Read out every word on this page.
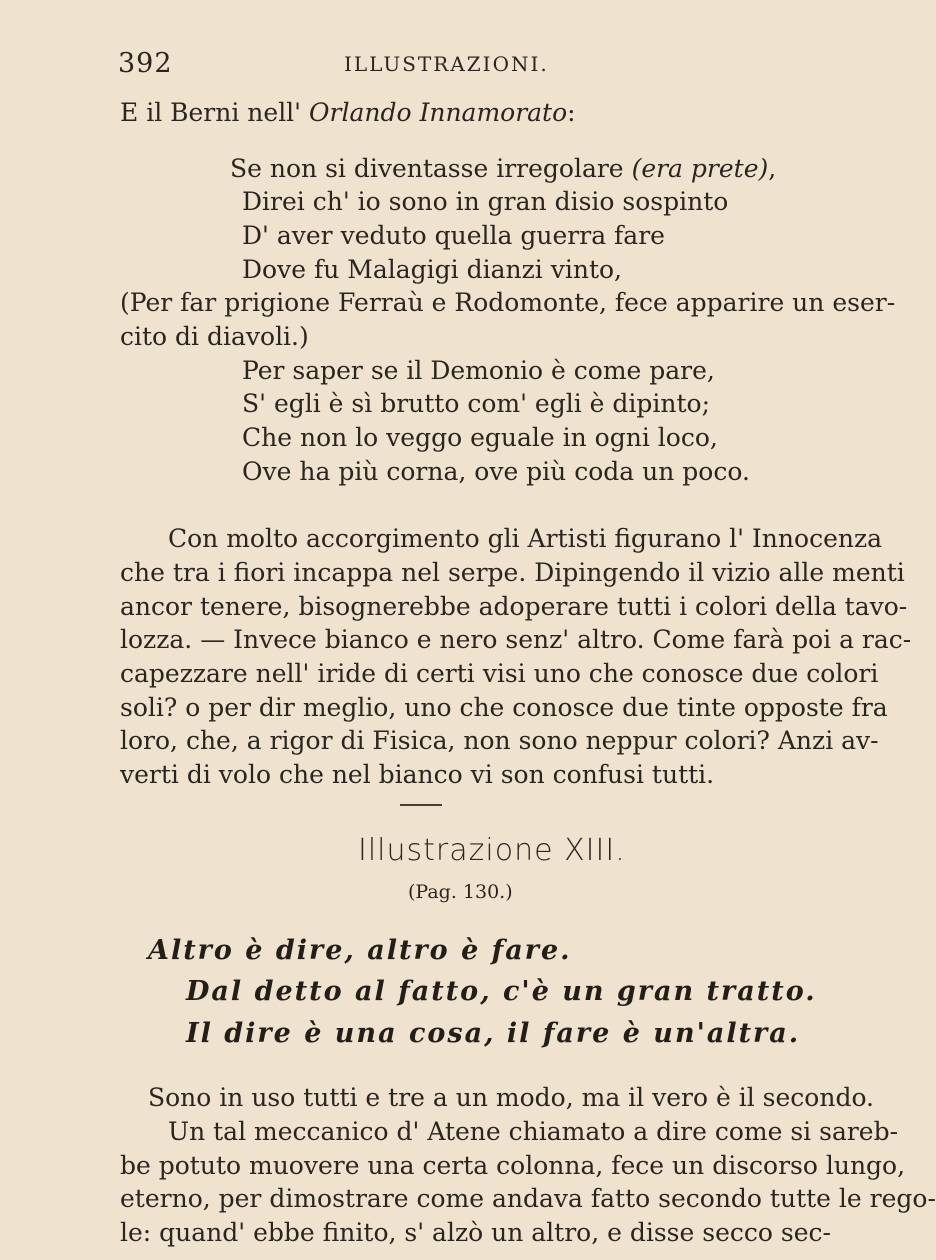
392	ILLUSTRAZIONI.
E il Berni nell' Orlando Innamorato:
Se non si diventasse irregolare (era prete),
Direi ch' io sono in gran disio sospinto
D' aver veduto quella guerra fare
Dove fu Malagigi dianzi vinto,
(Per far prigione Ferraù e Rodomonte, fece apparire un eser-
cito di diavoli.)
Per saper se il Demonio è come pare,
S' egli è sì brutto com' egli è dipinto;
Che non lo veggo eguale in ogni loco,
Ove ha più corna, ove più coda un poco.
Con molto accorgimento gli Artisti figurano l' Innocenza
che tra i fiori incappa nel serpe. Dipingendo il vizio alle menti
ancor tenere, bisognerebbe adoperare tutti i colori della tavo-
lozza. — Invece bianco e nero senz' altro. Come farà poi a rac-
capezzare nell' iride di certi visi uno che conosce due colori
soli? o per dir meglio, uno che conosce due tinte opposte fra
loro, che, a rigor di Fisica, non sono neppur colori? Anzi av-
verti di volo che nel bianco vi son confusi tutti.
Illustrazione XIII.
(Pag. 130.)
Altro è dire, altro è fare.
Dal detto al fatto, c'è un gran tratto.
Il dire è una cosa, il fare è un'altra.
Sono in uso tutti e tre a un modo, ma il vero è il secondo.
Un tal meccanico d' Atene chiamato a dire come si sareb-
be potuto muovere una certa colonna, fece un discorso lungo,
eterno, per dimostrare come andava fatto secondo tutte le rego-
le: quand' ebbe finito, s' alzò un altro, e disse secco sec-
